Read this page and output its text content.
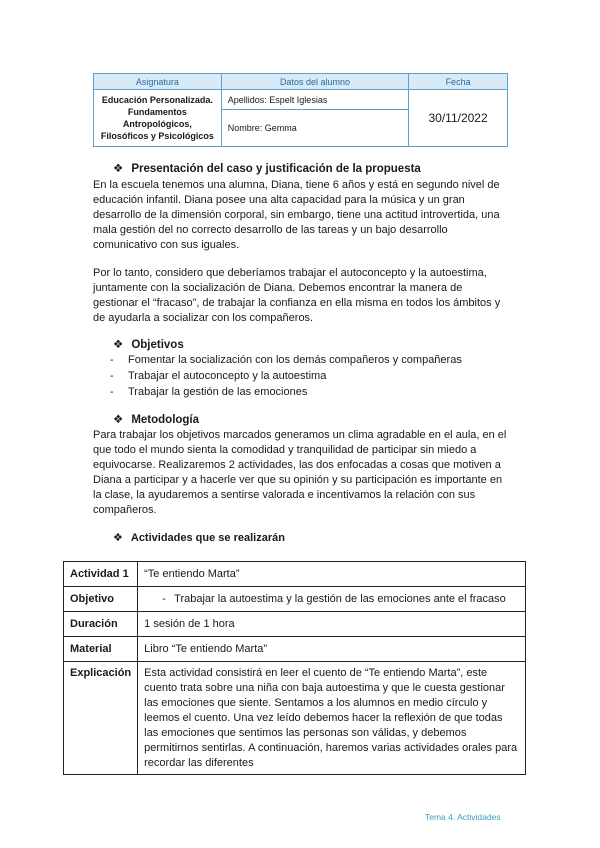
Asignatura	Datos del alumno	Fecha

Educación Personalizada.
Fundamentos
Antropológicos,
Filosóficos y Psicológicos	Apellidos: Espelt Iglesias	30/11/2022
	Nombre: Gemma	
❖ Presentación del caso y justificación de la propuesta

En la escuela tenemos una alumna, Diana, tiene 6 años y está en segundo nivel de educación infantil. Diana posee una alta capacidad para la música y un gran desarrollo de la dimensión corporal, sin embargo, tiene una actitud introvertida, una mala gestión del no correcto desarrollo de las tareas y un bajo desarrollo comunicativo con sus iguales.

Por lo tanto, considero que deberíamos trabajar el autoconcepto y la autoestima, juntamente con la socialización de Diana. Debemos encontrar la manera de gestionar el “fracaso”, de trabajar la confianza en ella misma en todos los ámbitos y de ayudarla a socializar con los compañeros.

❖ Objetivos
- Fomentar la socialización con los demás compañeros y compañeras
- Trabajar el autoconcepto y la autoestima
- Trabajar la gestión de las emociones
❖ Metodología

Para trabajar los objetivos marcados generamos un clima agradable en el aula, en el que todo el mundo sienta la comodidad y tranquilidad de participar sin miedo a equivocarse. Realizaremos 2 actividades, las dos enfocadas a cosas que motiven a Diana a participar y a hacerle ver que su opinión y su participación es importante en la clase, la ayudaremos a sentirse valorada e incentivamos la relación con sus compañeros.

❖ Actividades que se realizarán
Actividad 1	“Te entiendo Marta”
Objetivo	- Trabajar la autoestima y la gestión de las emociones ante el fracaso
Duración	1 sesión de 1 hora
Material	Libro “Te entiendo Marta”
Explicación	Esta actividad consistirá en leer el cuento de “Te entiendo Marta”, este cuento trata sobre una niña con baja autoestima y que le cuesta gestionar las emociones que siente. Sentamos a los alumnos en medio círculo y leemos el cuento. Una vez leído debemos hacer la reflexión de que todas las emociones que sentimos las personas son válidas, y debemos permitirnos sentirlas. A continuación, haremos varias actividades orales para recordar las diferentes
Tema 4. Actividades
